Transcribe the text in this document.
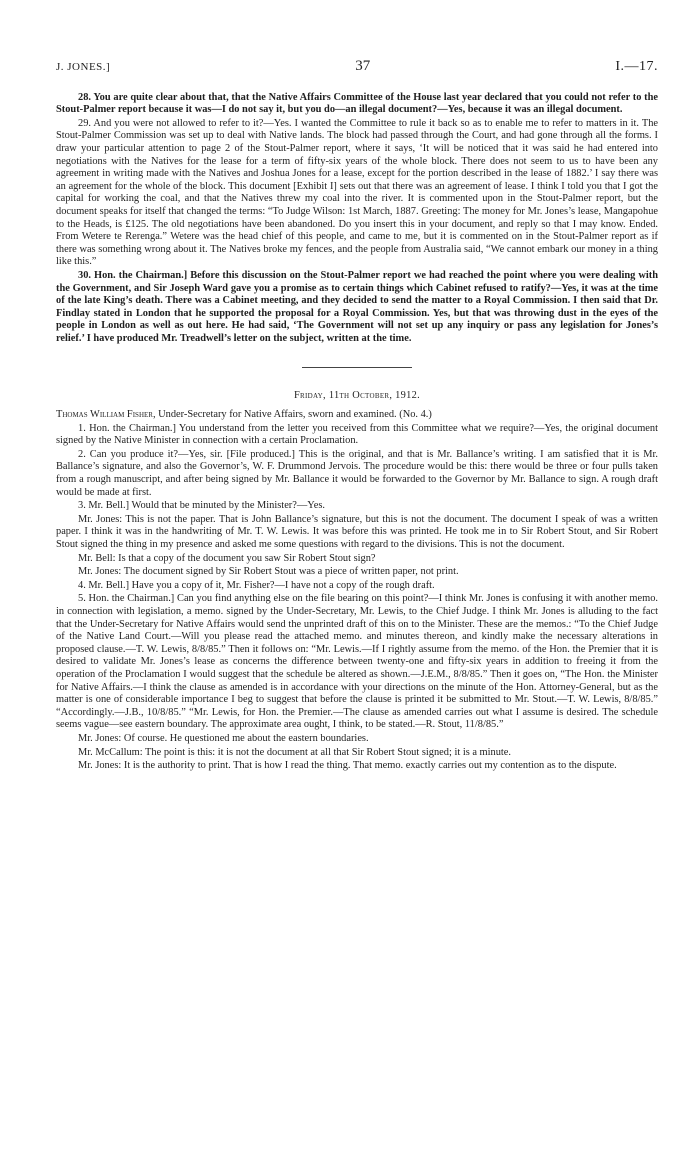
J. JONES.]	37	I.—17.

28. You are quite clear about that, that the Native Affairs Committee of the House last year declared that you could not refer to the Stout-Palmer report because it was—I do not say it, but you do—an illegal document?—Yes, because it was an illegal document.

29. And you were not allowed to refer to it?—Yes. I wanted the Committee to rule it back so as to enable me to refer to matters in it. The Stout-Palmer Commission was set up to deal with Native lands. The block had passed through the Court, and had gone through all the forms. I draw your particular attention to page 2 of the Stout-Palmer report, where it says, ‘It will be noticed that it was said he had entered into negotiations with the Natives for the lease for a term of fifty-six years of the whole block. There does not seem to us to have been any agreement in writing made with the Natives and Joshua Jones for a lease, except for the portion described in the lease of 1882.’ I say there was an agreement for the whole of the block. This document [Exhibit I] sets out that there was an agreement of lease. I think I told you that I got the capital for working the coal, and that the Natives threw my coal into the river. It is commented upon in the Stout-Palmer report, but the document speaks for itself that changed the terms: “To Judge Wilson: 1st March, 1887. Greeting: The money for Mr. Jones’s lease, Mangapohue to the Heads, is £125. The old negotiations have been abandoned. Do you insert this in your document, and reply so that I may know. Ended. From Wetere te Rerenga.” Wetere was the head chief of this people, and came to me, but it is commented on in the Stout-Palmer report as if there was something wrong about it. The Natives broke my fences, and the people from Australia said, “We cannot embark our money in a thing like this.”

30. Hon. the Chairman.] Before this discussion on the Stout-Palmer report we had reached the point where you were dealing with the Government, and Sir Joseph Ward gave you a promise as to certain things which Cabinet refused to ratify?—Yes, it was at the time of the late King’s death. There was a Cabinet meeting, and they decided to send the matter to a Royal Commission. I then said that Dr. Findlay stated in London that he supported the proposal for a Royal Commission. Yes, but that was throwing dust in the eyes of the people in London as well as out here. He had said, ‘The Government will not set up any inquiry or pass any legislation for Jones’s relief.’ I have produced Mr. Treadwell’s letter on the subject, written at the time.

Friday, 11th October, 1912.

Thomas William Fisher, Under-Secretary for Native Affairs, sworn and examined. (No. 4.)

1. Hon. the Chairman.] You understand from the letter you received from this Committee what we require?—Yes, the original document signed by the Native Minister in connection with a certain Proclamation.

2. Can you produce it?—Yes, sir. [File produced.] This is the original, and that is Mr. Ballance’s writing. I am satisfied that it is Mr. Ballance’s signature, and also the Governor’s, W. F. Drummond Jervois. The procedure would be this: there would be three or four pulls taken from a rough manuscript, and after being signed by Mr. Ballance it would be forwarded to the Governor by Mr. Ballance to sign. A rough draft would be made at first.

3. Mr. Bell.] Would that be minuted by the Minister?—Yes.

Mr. Jones: This is not the paper. That is John Ballance’s signature, but this is not the document. The document I speak of was a written paper. I think it was in the handwriting of Mr. T. W. Lewis. It was before this was printed. He took me in to Sir Robert Stout, and Sir Robert Stout signed the thing in my presence and asked me some questions with regard to the divisions. This is not the document.

Mr. Bell: Is that a copy of the document you saw Sir Robert Stout sign?

Mr. Jones: The document signed by Sir Robert Stout was a piece of written paper, not print.

4. Mr. Bell.] Have you a copy of it, Mr. Fisher?—I have not a copy of the rough draft.

5. Hon. the Chairman.] Can you find anything else on the file bearing on this point?—I think Mr. Jones is confusing it with another memo. in connection with legislation, a memo. signed by the Under-Secretary, Mr. Lewis, to the Chief Judge. I think Mr. Jones is alluding to the fact that the Under-Secretary for Native Affairs would send the unprinted draft of this on to the Minister. These are the memos.: “To the Chief Judge of the Native Land Court.—Will you please read the attached memo. and minutes thereon, and kindly make the necessary alterations in proposed clause.—T. W. Lewis, 8/8/85.” Then it follows on: “Mr. Lewis.—If I rightly assume from the memo. of the Hon. the Premier that it is desired to validate Mr. Jones’s lease as concerns the difference between twenty-one and fifty-six years in addition to freeing it from the operation of the Proclamation I would suggest that the schedule be altered as shown.—J.E.M., 8/8/85.” Then it goes on, “The Hon. the Minister for Native Affairs.—I think the clause as amended is in accordance with your directions on the minute of the Hon. Attorney-General, but as the matter is one of considerable importance I beg to suggest that before the clause is printed it be submitted to Mr. Stout.—T. W. Lewis, 8/8/85.” “Accordingly.—J.B., 10/8/85.” “Mr. Lewis, for Hon. the Premier.—The clause as amended carries out what I assume is desired. The schedule seems vague—see eastern boundary. The approximate area ought, I think, to be stated.—R. Stout, 11/8/85.”

Mr. Jones: Of course. He questioned me about the eastern boundaries.

Mr. McCallum: The point is this: it is not the document at all that Sir Robert Stout signed; it is a minute.

Mr. Jones: It is the authority to print. That is how I read the thing. That memo. exactly carries out my contention as to the dispute.
